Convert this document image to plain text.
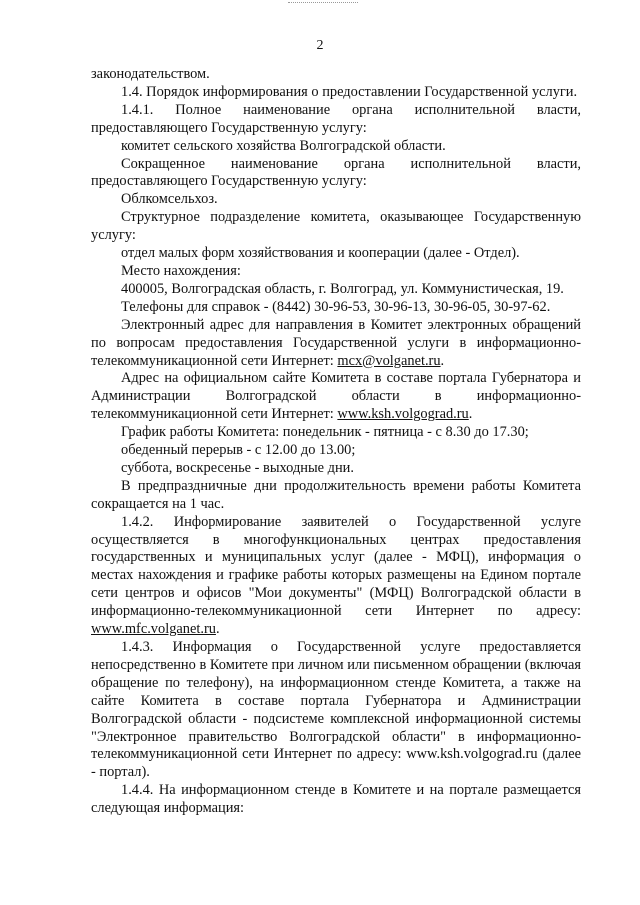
2

законодательством.

1.4. Порядок информирования о предоставлении Государственной услуги.

1.4.1. Полное наименование органа исполнительной власти, предоставляющего Государственную услугу:

комитет сельского хозяйства Волгоградской области.

Сокращенное наименование органа исполнительной власти, предоставляющего Государственную услугу:

Облкомсельхоз.

Структурное подразделение комитета, оказывающее Государственную услугу:

отдел малых форм хозяйствования и кооперации (далее - Отдел).

Место нахождения:

400005, Волгоградская область, г. Волгоград, ул. Коммунистическая, 19.

Телефоны для справок - (8442) 30-96-53, 30-96-13, 30-96-05, 30-97-62.

Электронный адрес для направления в Комитет электронных обращений по вопросам предоставления Государственной услуги в информационно-телекоммуникационной сети Интернет: mcx@volganet.ru.

Адрес на официальном сайте Комитета в составе портала Губернатора и Администрации Волгоградской области в информационно-телекоммуникационной сети Интернет: www.ksh.volgograd.ru.

График работы Комитета: понедельник - пятница - с 8.30 до 17.30;

обеденный перерыв - с 12.00 до 13.00;

суббота, воскресенье - выходные дни.

В предпраздничные дни продолжительность времени работы Комитета сокращается на 1 час.

1.4.2. Информирование заявителей о Государственной услуге осуществляется в многофункциональных центрах предоставления государственных и муниципальных услуг (далее - МФЦ), информация о местах нахождения и графике работы которых размещены на Едином портале сети центров и офисов "Мои документы" (МФЦ) Волгоградской области в информационно-телекоммуникационной сети Интернет по адресу: www.mfc.volganet.ru.

1.4.3. Информация о Государственной услуге предоставляется непосредственно в Комитете при личном или письменном обращении (включая обращение по телефону), на информационном стенде Комитета, а также на сайте Комитета в составе портала Губернатора и Администрации Волгоградской области - подсистеме комплексной информационной системы "Электронное правительство Волгоградской области" в информационно-телекоммуникационной сети Интернет по адресу: www.ksh.volgograd.ru (далее - портал).

1.4.4. На информационном стенде в Комитете и на портале размещается следующая информация:
